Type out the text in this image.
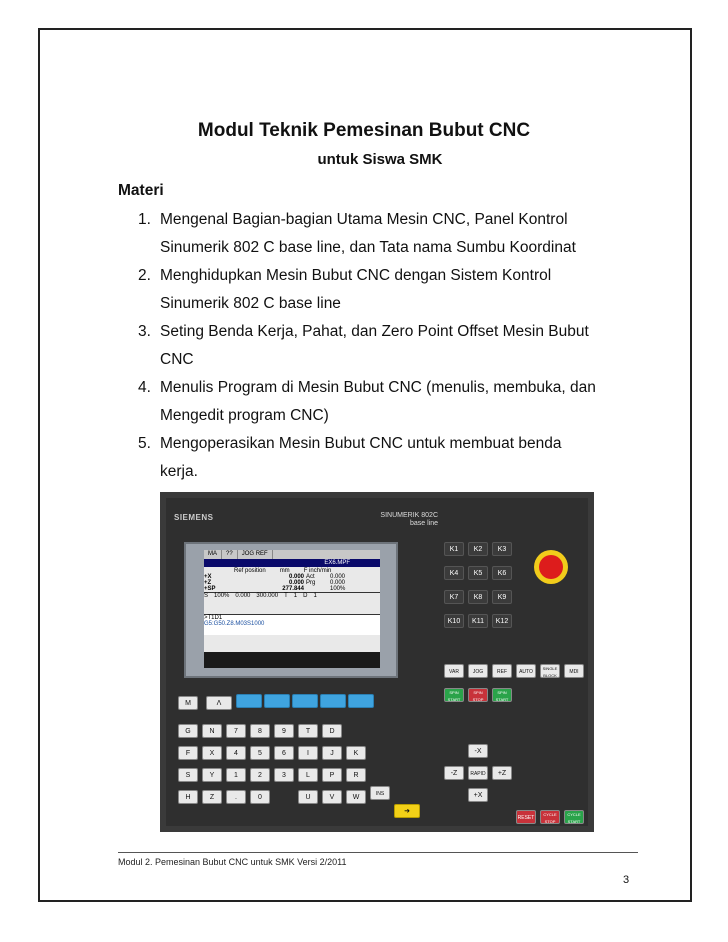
Modul Teknik Pemesinan Bubut CNC
untuk Siswa SMK
Materi
1. Mengenal Bagian-bagian Utama Mesin CNC, Panel Kontrol
Sinumerik 802 C base line, dan Tata nama Sumbu Koordinat
2. Menghidupkan Mesin Bubut CNC dengan Sistem Kontrol
Sinumerik 802 C base line
3. Seting Benda Kerja, Pahat, dan Zero Point Offset Mesin Bubut
CNC
4. Menulis Program di Mesin Bubut CNC (menulis, membuka, dan
Mengedit program CNC)
5. Mengoperasikan Mesin Bubut CNC untuk membuat benda
kerja.
SIEMENS	SINUMERIK 802C
base line
MA	??	JOG REF
EX6.MPF
Ref position mm F inch/min
+X	0.000 Act	0.000
+Z	0.000 Prg	0.000
+SP	277.844	100%
S 100% 0.000 300.000 T 1 D 1
>T1D1
G5:G50.Z8.M03S1000
K1	K2	K3
K4	K5	K6
K7	K8	K9
K10	K11	K12
VAR	JOG	REF	AUTO
SINGLE BLOCK
MDI
SPIN START
SPIN STOP
SPIN START
-X
-Z	RAPID	+Z
+X
RESET
CYCLE STOP
CYCLE START
M	Λ
G	N	7	8	9	T	D
F	X	4	5	6	I	J	K
S	Y	1	2	3	L	P	R
H	Z	.	0	U	V	W	INS
➜
Modul 2. Pemesinan Bubut CNC untuk SMK Versi 2/2011
3
